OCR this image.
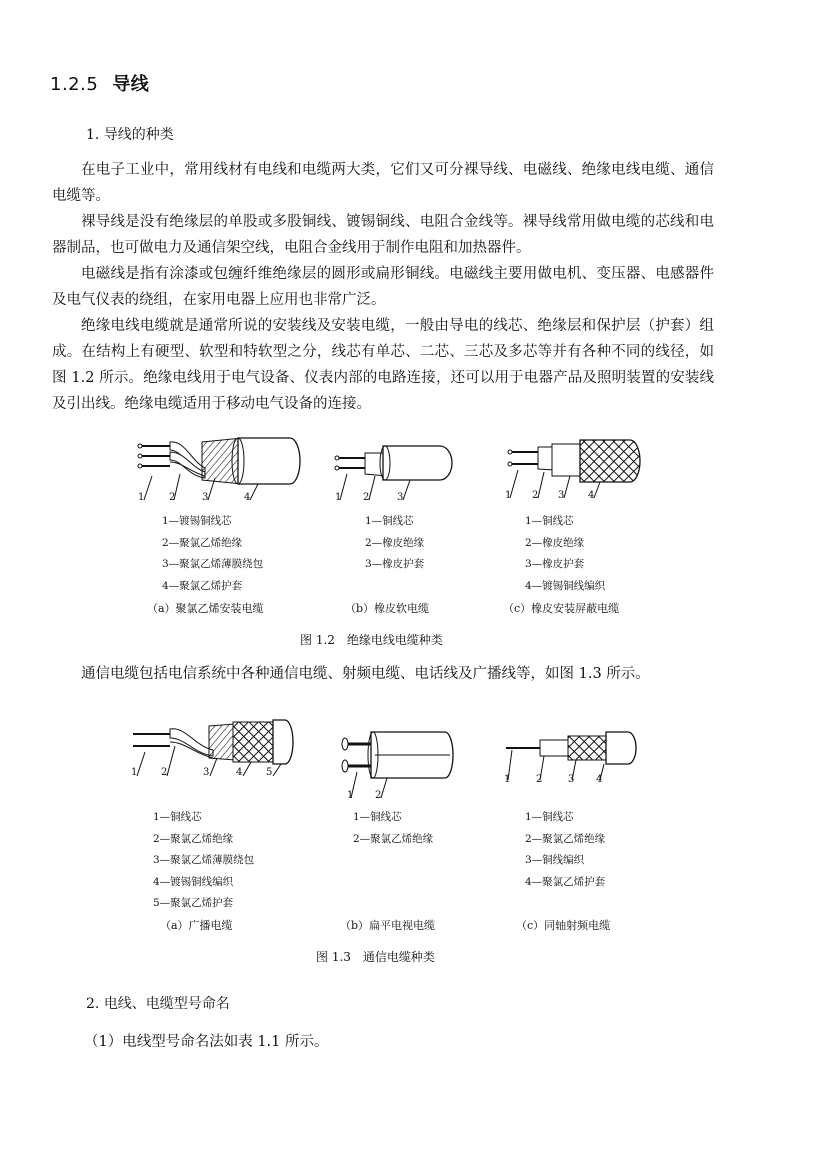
1.2.5 导线
1. 导线的种类

在电子工业中，常用线材有电线和电缆两大类，它们又可分裸导线、电磁线、绝缘电线电缆、通信电缆等。

裸导线是没有绝缘层的单股或多股铜线、镀锡铜线、电阻合金线等。裸导线常用做电缆的芯线和电器制品，也可做电力及通信架空线，电阻合金线用于制作电阻和加热器件。

电磁线是指有涂漆或包缠纤维绝缘层的圆形或扁形铜线。电磁线主要用做电机、变压器、电感器件及电气仪表的绕组，在家用电器上应用也非常广泛。

绝缘电线电缆就是通常所说的安装线及安装电缆，一般由导电的线芯、绝缘层和保护层（护套）组成。在结构上有硬型、软型和特软型之分，线芯有单芯、二芯、三芯及多芯等并有各种不同的线径，如图 1.2 所示。绝缘电线用于电气设备、仪表内部的电路连接，还可以用于电器产品及照明装置的安装线及引出线。绝缘电缆适用于移动电气设备的连接。

1 2	3	4	1 2	3	1 2 3 4
1—镀锡铜线芯
2—聚氯乙烯绝缘
3—聚氯乙烯薄膜绕包
4—聚氯乙烯护套
1—铜线芯
2—橡皮绝缘
3—橡皮护套
1—铜线芯
2—橡皮绝缘
3—橡皮护套
4—镀锡铜线编织
（a）聚氯乙烯安装电缆	（b）橡皮软电缆	（c）橡皮安装屏蔽电缆
图 1.2　绝缘电线电缆种类

通信电缆包括电信系统中各种通信电缆、射频电缆、电话线及广播线等，如图 1.3 所示。

1 2	3	4 5
1 2
1	2	3 4
1—铜线芯
2—聚氯乙烯绝缘
3—聚氯乙烯薄膜绕包
4—镀锡铜线编织
5—聚氯乙烯护套
1—铜线芯
2—聚氯乙烯绝缘
1—铜线芯
2—聚氯乙烯绝缘
3—铜线编织
4—聚氯乙烯护套
（a）广播电缆	（b）扁平电视电缆	（c）同轴射频电缆
图 1.3　通信电缆种类
2. 电线、电缆型号命名
（1）电线型号命名法如表 1.1 所示。
